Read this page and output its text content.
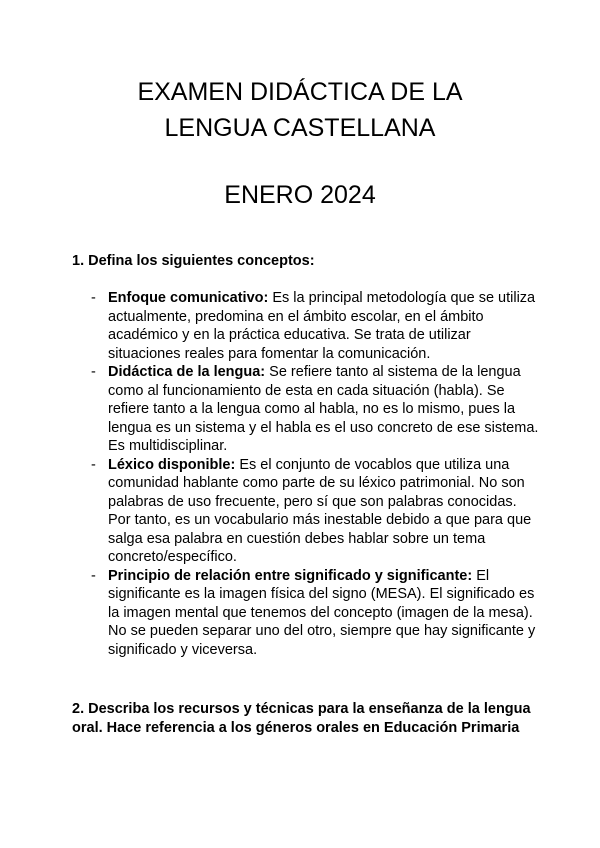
EXAMEN DIDÁCTICA DE LA
LENGUA CASTELLANA
ENERO 2024

1. Defina los siguientes conceptos:

- Enfoque comunicativo: Es la principal metodología que se utiliza actualmente, predomina en el ámbito escolar, en el ámbito académico y en la práctica educativa. Se trata de utilizar situaciones reales para fomentar la comunicación.
- Didáctica de la lengua: Se refiere tanto al sistema de la lengua como al funcionamiento de esta en cada situación (habla). Se refiere tanto a la lengua como al habla, no es lo mismo, pues la lengua es un sistema y el habla es el uso concreto de ese sistema. Es multidisciplinar.
- Léxico disponible: Es el conjunto de vocablos que utiliza una comunidad hablante como parte de su léxico patrimonial. No son palabras de uso frecuente, pero sí que son palabras conocidas. Por tanto, es un vocabulario más inestable debido a que para que salga esa palabra en cuestión debes hablar sobre un tema concreto/específico.
- Principio de relación entre significado y significante: El significante es la imagen física del signo (MESA). El significado es la imagen mental que tenemos del concepto (imagen de la mesa). No se pueden separar uno del otro, siempre que hay significante y significado y viceversa.

2. Describa los recursos y técnicas para la enseñanza de la lengua oral. Hace referencia a los géneros orales en Educación Primaria
